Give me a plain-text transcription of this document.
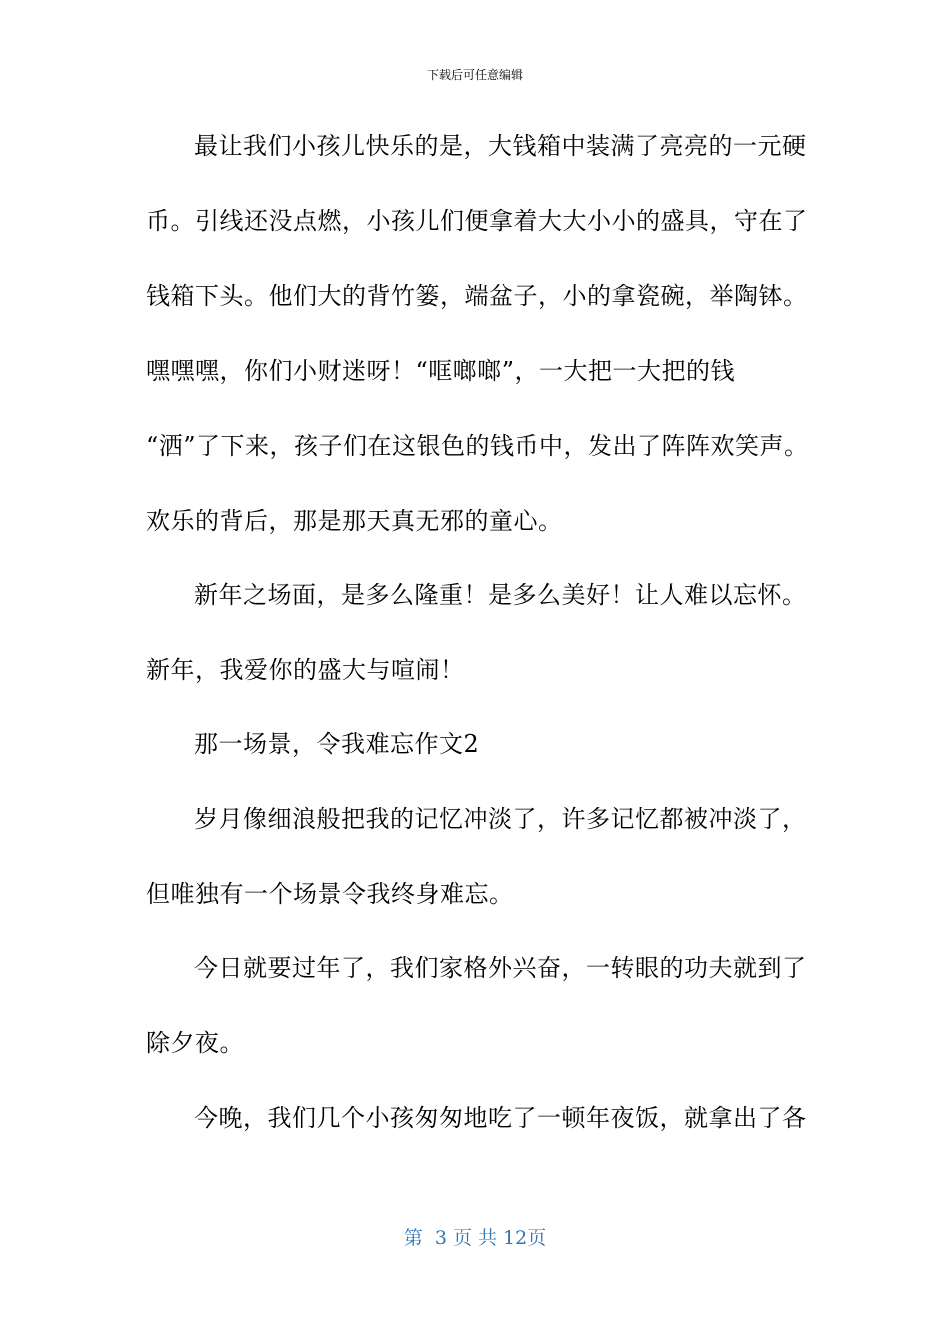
下载后可任意编辑
最让我们小孩儿快乐的是，大钱箱中装满了亮亮的一元硬
币。引线还没点燃，小孩儿们便拿着大大小小的盛具，守在了
钱箱下头。他们大的背竹篓，端盆子，小的拿瓷碗，举陶钵。
嘿嘿嘿，你们小财迷呀！“哐啷啷”，一大把一大把的钱
“洒”了下来，孩子们在这银色的钱币中，发出了阵阵欢笑声。
欢乐的背后，那是那天真无邪的童心。
新年之场面，是多么隆重！是多么美好！让人难以忘怀。
新年，我爱你的盛大与喧闹！
那一场景，令我难忘作文2
岁月像细浪般把我的记忆冲淡了，许多记忆都被冲淡了，
但唯独有一个场景令我终身难忘。
今日就要过年了，我们家格外兴奋，一转眼的功夫就到了
除夕夜。
今晚，我们几个小孩匆匆地吃了一顿年夜饭，就拿出了各
第  3 页 共 12页
